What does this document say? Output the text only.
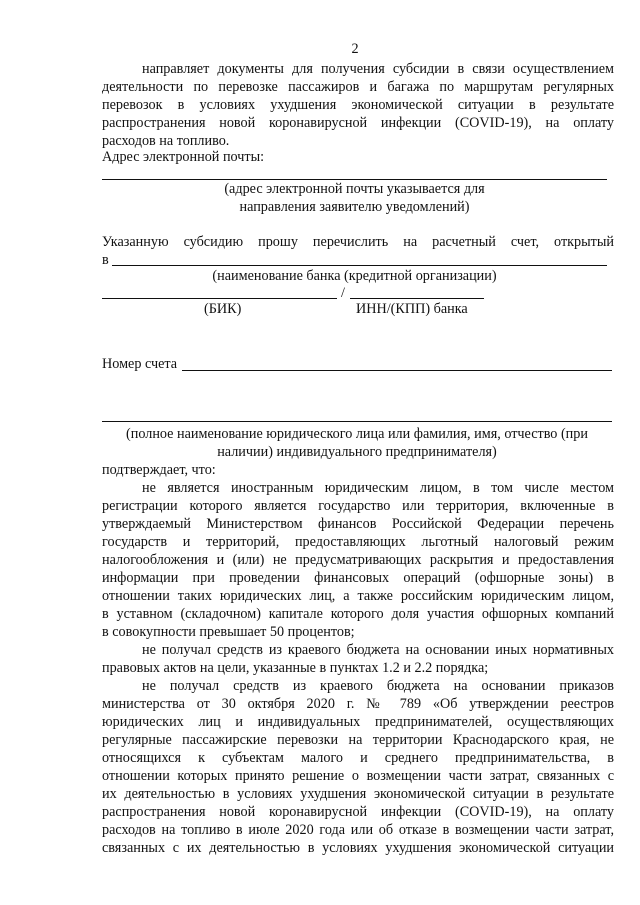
2
направляет документы для получения субсидии в связи осуществлением
деятельности по перевозке пассажиров и багажа по маршрутам регулярных
перевозок в условиях ухудшения экономической ситуации в результате
распространения новой коронавирусной инфекции (COVID-19), на оплату
расходов на топливо.
Адрес электронной почты:
(адрес электронной почты указывается для
направления заявителю уведомлений)
Указанную субсидию прошу перечислить на расчетный счет, открытый
в
(наименование банка (кредитной организации)
/
(БИК)	ИНН/(КПП) банка
Номер счета
(полное наименование юридического лица или фамилия, имя, отчество (при
наличии) индивидуального предпринимателя)
подтверждает, что:
не является иностранным юридическим лицом, в том числе местом
регистрации которого является государство или территория, включенные в
утверждаемый Министерством финансов Российской Федерации перечень
государств и территорий, предоставляющих льготный налоговый режим
налогообложения и (или) не предусматривающих раскрытия и предоставления
информации при проведении финансовых операций (офшорные зоны) в
отношении таких юридических лиц, а также российским юридическим лицом,
в уставном (складочном) капитале которого доля участия офшорных компаний
в совокупности превышает 50 процентов;
не получал средств из краевого бюджета на основании иных нормативных
правовых актов на цели, указанные в пунктах 1.2 и 2.2 порядка;
не получал средств из краевого бюджета на основании приказов
министерства от 30 октября 2020 г. № 789 «Об утверждении реестров
юридических лиц и индивидуальных предпринимателей, осуществляющих
регулярные пассажирские перевозки на территории Краснодарского края, не
относящихся к субъектам малого и среднего предпринимательства, в
отношении которых принято решение о возмещении части затрат, связанных с
их деятельностью в условиях ухудшения экономической ситуации в результате
распространения новой коронавирусной инфекции (COVID-19), на оплату
расходов на топливо в июле 2020 года или об отказе в возмещении части затрат,
связанных с их деятельностью в условиях ухудшения экономической ситуации
